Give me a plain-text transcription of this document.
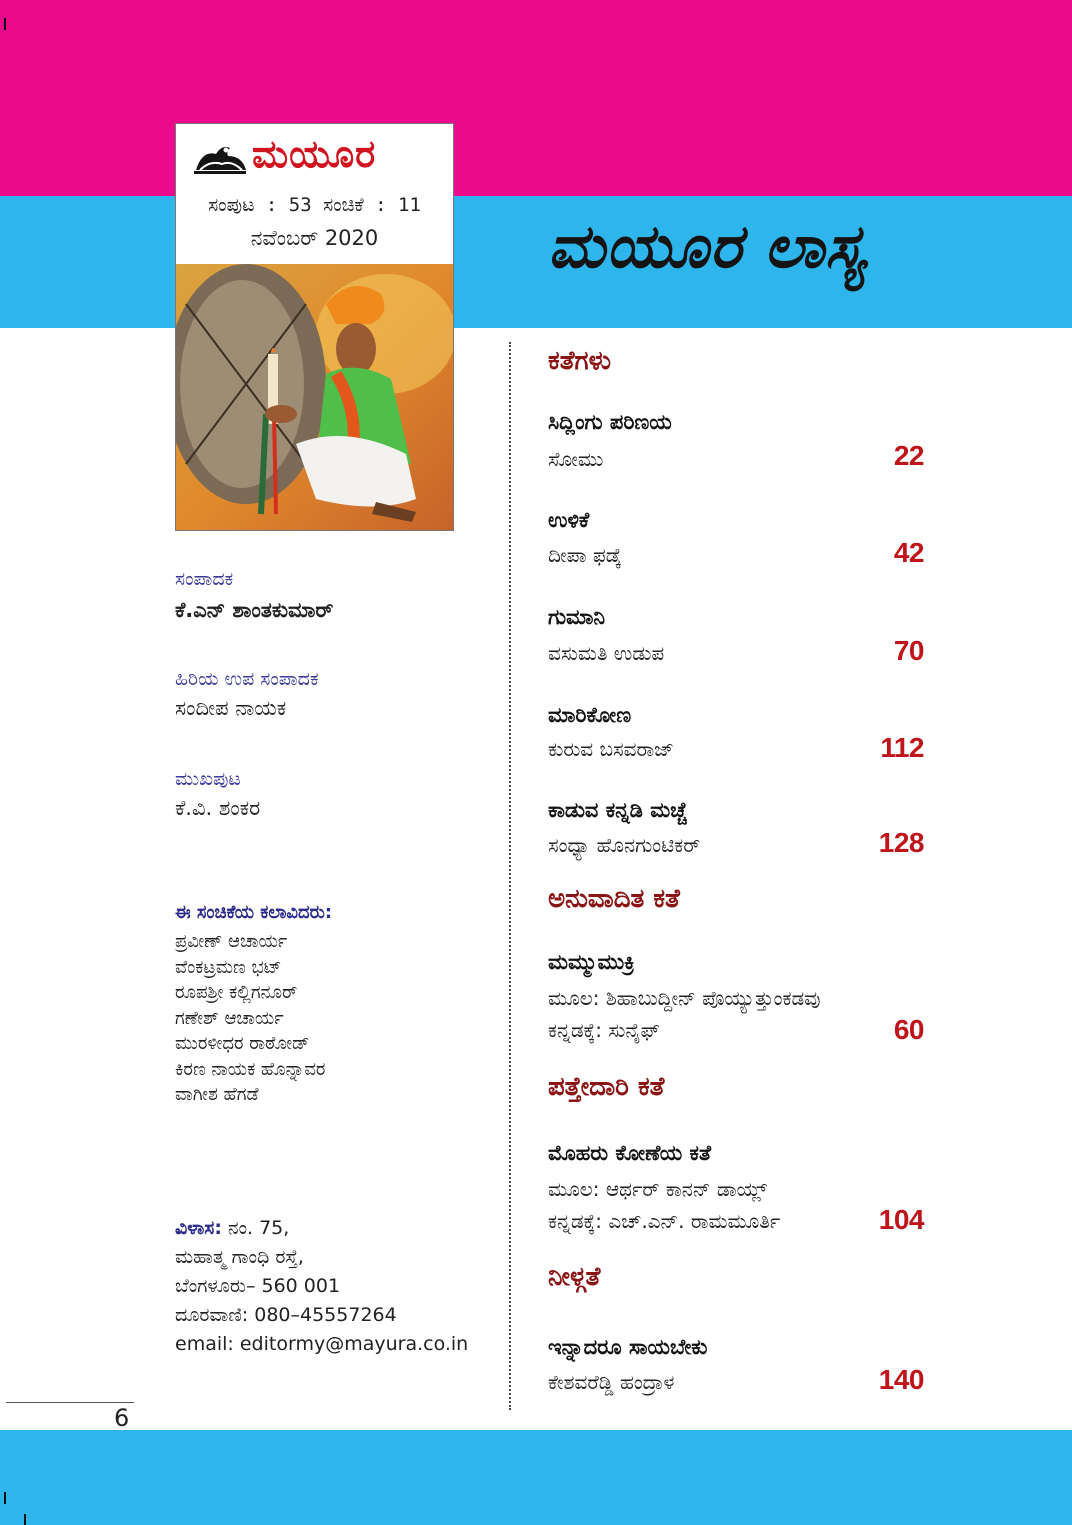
ಮಯೂರ
ಸಂಪುಟ : 53 ಸಂಚಿಕೆ : 11
ನವೆಂಬರ್ 2020	ಮಯೂರ ಲಾಸ್ಯ
ಸಂಪಾದಕ
ಕೆ.ಎನ್ ಶಾಂತಕುಮಾರ್
ಹಿರಿಯ ಉಪ ಸಂಪಾದಕ
ಸಂದೀಪ ನಾಯಕ
ಮುಖಪುಟ
ಕೆ.ವಿ. ಶಂಕರ
ಈ ಸಂಚಿಕೆಯ ಕಲಾವಿದರು:
ಪ್ರವೀಣ್ ಆಚಾರ್ಯ
ವೆಂಕಟ್ರಮಣ ಭಟ್
ರೂಪಶ್ರೀ ಕಲ್ಲಿಗನೂರ್
ಗಣೇಶ್ ಆಚಾರ್ಯ
ಮುರಳೀಧರ ರಾಠೋಡ್
ಕಿರಣ ನಾಯಕ ಹೊನ್ನಾವರ
ವಾಗೀಶ ಹೆಗಡೆ
ವಿಳಾಸ: ನಂ. 75,
ಮಹಾತ್ಮ ಗಾಂಧಿ ರಸ್ತೆ,
ಬೆಂಗಳೂರು– 560 001
ದೂರವಾಣಿ: 080–45557264
email: editormy@mayura.co.in
6
ಕತೆಗಳು
ಸಿದ್ಲಿಂಗು ಪರಿಣಯ
ಸೋಮು	22
ಉಳಿಕೆ
ದೀಪಾ ಫಡ್ಕೆ	42
ಗುಮಾನಿ
ವಸುಮತಿ ಉಡುಪ	70
ಮಾರಿಕೋಣ
ಕುರುವ ಬಸವರಾಜ್	112
ಕಾಡುವ ಕನ್ನಡಿ ಮಚ್ಚೆ
ಸಂಧ್ಯಾ ಹೊನಗುಂಟಿಕರ್	128
ಅನುವಾದಿತ ಕತೆ
ಮಮ್ಮುಮುಕ್ರಿ
ಮೂಲ: ಶಿಹಾಬುದ್ದೀನ್ ಪೊಯ್ಯುತ್ತುಂಕಡವು
ಕನ್ನಡಕ್ಕೆ: ಸುನೈಫ್	60
ಪತ್ತೇದಾರಿ ಕತೆ
ಮೊಹರು ಕೋಣೆಯ ಕತೆ
ಮೂಲ: ಆರ್ಥರ್ ಕಾನನ್ ಡಾಯ್ಲ್
ಕನ್ನಡಕ್ಕೆ: ಎಚ್.ಎನ್. ರಾಮಮೂರ್ತಿ	104
ನೀಳ್ಗತೆ
ಇನ್ನಾದರೂ ಸಾಯಬೇಕು
ಕೇಶವರೆಡ್ಡಿ ಹಂದ್ರಾಳ	140
